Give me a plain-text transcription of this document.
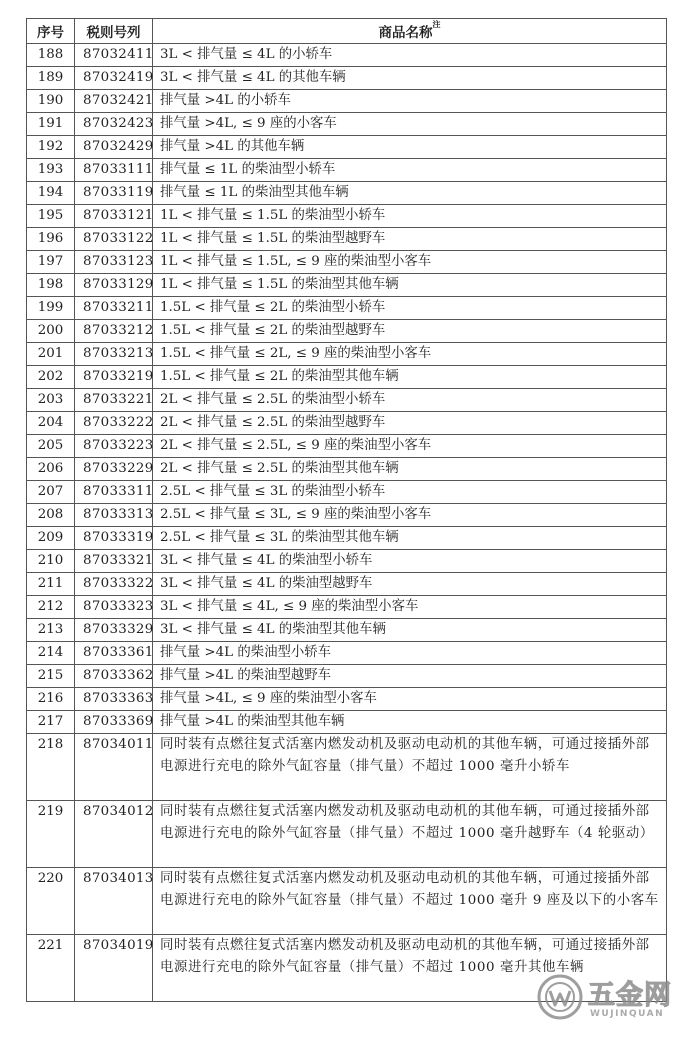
序号	税则号列	商品名称$^注$
188	87032411	3L < 排气量 ≤ 4L 的小轿车
189	87032419	3L < 排气量 ≤ 4L 的其他车辆
190	87032421	排气量 >4L 的小轿车
191	87032423	排气量 >4L, ≤ 9 座的小客车
192	87032429	排气量 >4L 的其他车辆
193	87033111	排气量 ≤ 1L 的柴油型小轿车
194	87033119	排气量 ≤ 1L 的柴油型其他车辆
195	87033121	1L < 排气量 ≤ 1.5L 的柴油型小轿车
196	87033122	1L < 排气量 ≤ 1.5L 的柴油型越野车
197	87033123	1L < 排气量 ≤ 1.5L, ≤ 9 座的柴油型小客车
198	87033129	1L < 排气量 ≤ 1.5L 的柴油型其他车辆
199	87033211	1.5L < 排气量 ≤ 2L 的柴油型小轿车
200	87033212	1.5L < 排气量 ≤ 2L 的柴油型越野车
201	87033213	1.5L < 排气量 ≤ 2L, ≤ 9 座的柴油型小客车
202	87033219	1.5L < 排气量 ≤ 2L 的柴油型其他车辆
203	87033221	2L < 排气量 ≤ 2.5L 的柴油型小轿车
204	87033222	2L < 排气量 ≤ 2.5L 的柴油型越野车
205	87033223	2L < 排气量 ≤ 2.5L, ≤ 9 座的柴油型小客车
206	87033229	2L < 排气量 ≤ 2.5L 的柴油型其他车辆
207	87033311	2.5L < 排气量 ≤ 3L 的柴油型小轿车
208	87033313	2.5L < 排气量 ≤ 3L, ≤ 9 座的柴油型小客车
209	87033319	2.5L < 排气量 ≤ 3L 的柴油型其他车辆
210	87033321	3L < 排气量 ≤ 4L 的柴油型小轿车
211	87033322	3L < 排气量 ≤ 4L 的柴油型越野车
212	87033323	3L < 排气量 ≤ 4L, ≤ 9 座的柴油型小客车
213	87033329	3L < 排气量 ≤ 4L 的柴油型其他车辆
214	87033361	排气量 >4L 的柴油型小轿车
215	87033362	排气量 >4L 的柴油型越野车
216	87033363	排气量 >4L, ≤ 9 座的柴油型小客车
217	87033369	排气量 >4L 的柴油型其他车辆
218	87034011	同时装有点燃往复式活塞内燃发动机及驱动电动机的其他车辆，可通过接插外部电源进行充电的除外气缸容量（排气量）不超过 1000 毫升小轿车
219	87034012	同时装有点燃往复式活塞内燃发动机及驱动电动机的其他车辆，可通过接插外部电源进行充电的除外气缸容量（排气量）不超过 1000 毫升越野车（4 轮驱动）
220	87034013	同时装有点燃往复式活塞内燃发动机及驱动电动机的其他车辆，可通过接插外部电源进行充电的除外气缸容量（排气量）不超过 1000 毫升 9 座及以下的小客车
221	87034019	同时装有点燃往复式活塞内燃发动机及驱动电动机的其他车辆，可通过接插外部电源进行充电的除外气缸容量（排气量）不超过 1000 毫升其他车辆
五金网
WUJINQUAN
